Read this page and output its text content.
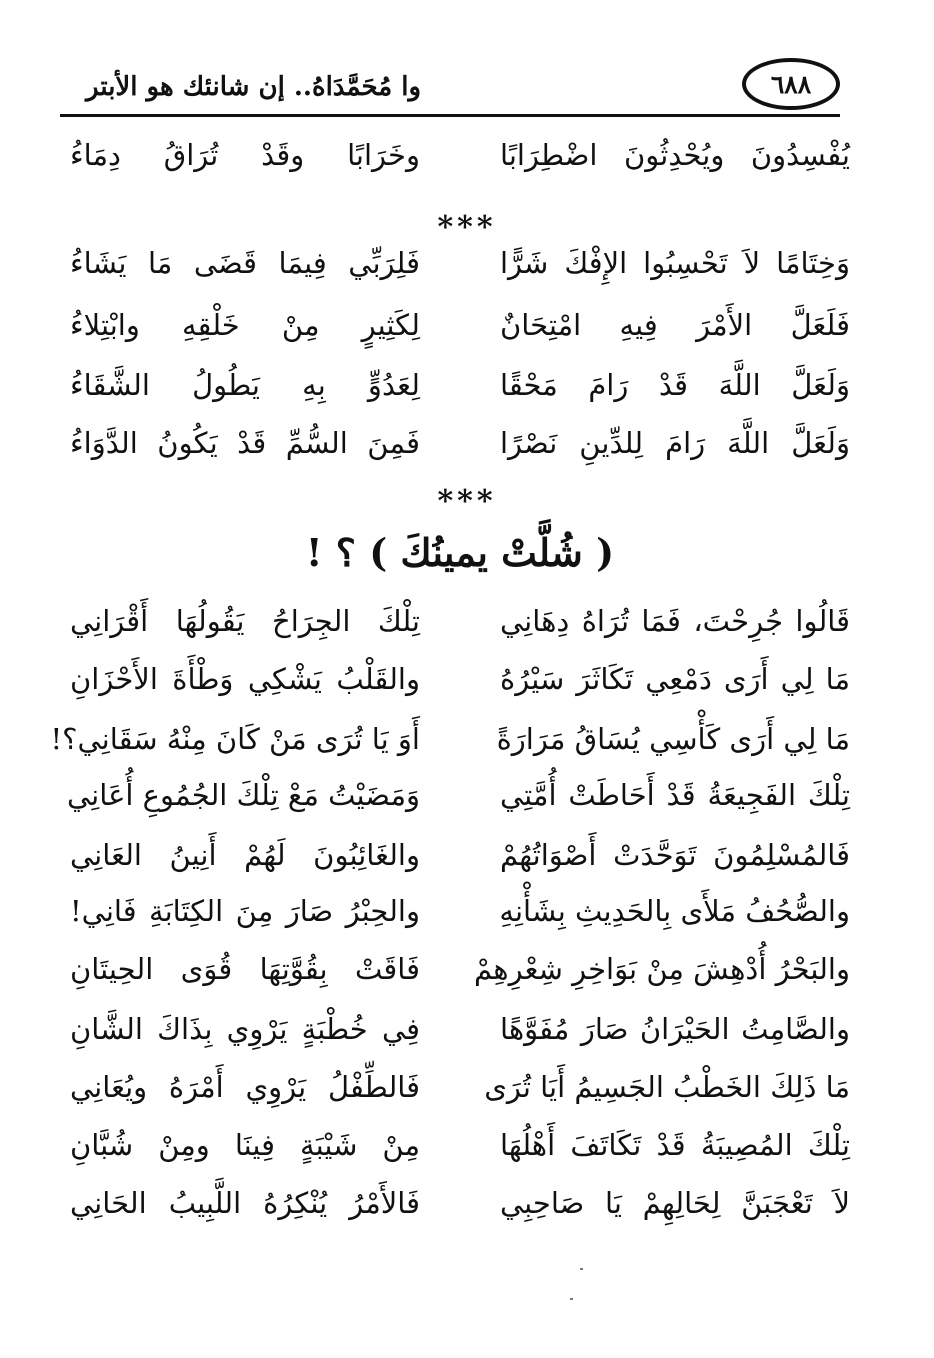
وا مُحَمَّدَاهُ.. إن شانئك هو الأبتر	٦٨٨
يُفْسِدُونَ ويُحْدِثُونَ اضْطِرَابًا
وخَرَابًا وقَدْ تُرَاقُ دِمَاءُ
***
وَخِتَامًا لاَ تَحْسِبُوا الإِفْكَ شَرًّا
فَلِرَبِّي فِيمَا قَضَى مَا يَشَاءُ
فَلَعَلَّ الأَمْرَ فِيهِ امْتِحَانٌ
لِكَثِيرٍ مِنْ خَلْقِهِ وابْتِلاءُ
وَلَعَلَّ اللَّهَ قَدْ رَامَ مَحْقًا
لِعَدُوٍّ بِهِ يَطُولُ الشَّقَاءُ
وَلَعَلَّ اللَّهَ رَامَ لِلدِّينِ نَصْرًا
فَمِنَ السُّمِّ قَدْ يَكُونُ الدَّوَاءُ
***
( شُلَّتْ يمينُكَ ) ؟ !
قَالُوا جُرِحْتَ، فَمَا تُرَاهُ دِهَانِي
تِلْكَ الجِرَاحُ يَقُولُهَا أَقْرَانِي
مَا لِي أَرَى دَمْعِي تَكَاثَرَ سَيْرُهُ
والقَلْبُ يَشْكِي وَطْأَةَ الأَحْزَانِ
مَا لِي أَرَى كَأْسِي يُسَاقُ مَرَارَةً
أَوَ يَا تُرَى مَنْ كَانَ مِنْهُ سَقَانِي؟!
تِلْكَ الفَجِيعَةُ قَدْ أَحَاطَتْ أُمَّتِي
وَمَضَيْتُ مَعْ تِلْكَ الجُمُوعِ أُعَانِي
فَالمُسْلِمُونَ تَوَحَّدَتْ أَصْوَاتُهُمْ
والغَائِبُونَ لَهُمْ أَنِينُ العَانِي
والصُّحُفُ مَلأَى بِالحَدِيثِ بِشَأْنِهِ
والحِبْرُ صَارَ مِنَ الكِتَابَةِ فَانِي!
والبَحْرُ أُدْهِشَ مِنْ بَوَاخِرِ شِعْرِهِمْ
فَاقَتْ بِقُوَّتِهَا قُوَى الحِيتَانِ
والصَّامِتُ الحَيْرَانُ صَارَ مُفَوَّهًا
فِي خُطْبَةٍ يَرْوِي بِذَاكَ الشَّانِ
مَا ذَلِكَ الخَطْبُ الجَسِيمُ أَيَا تُرَى
فَالطِّفْلُ يَرْوِي أَمْرَهُ ويُعَانِي
تِلْكَ المُصِيبَةُ قَدْ تَكَاتَفَ أَهْلُهَا
مِنْ شَيْبَةٍ فِينَا ومِنْ شُبَّانِ
لاَ تَعْجَبَنَّ لِحَالِهِمْ يَا صَاحِبِي
فَالأَمْرُ يُنْكِرُهُ اللَّبِيبُ الحَانِي
